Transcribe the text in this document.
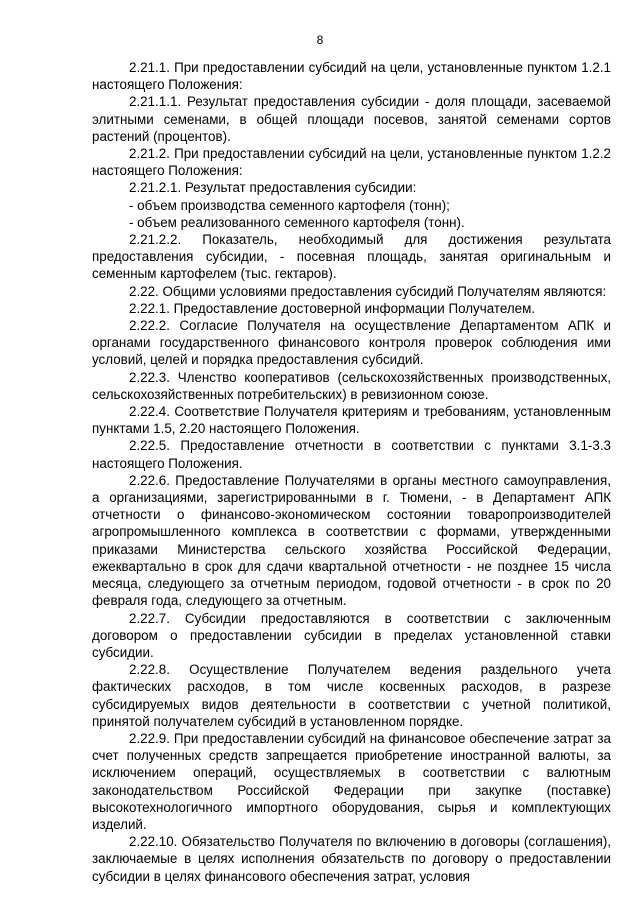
8

2.21.1. При предоставлении субсидий на цели, установленные пунктом 1.2.1 настоящего Положения:

2.21.1.1. Результат предоставления субсидии - доля площади, засеваемой элитными семенами, в общей площади посевов, занятой семенами сортов растений (процентов).

2.21.2. При предоставлении субсидий на цели, установленные пунктом 1.2.2 настоящего Положения:

2.21.2.1. Результат предоставления субсидии:

- объем производства семенного картофеля (тонн);

- объем реализованного семенного картофеля (тонн).

2.21.2.2. Показатель, необходимый для достижения результата предоставления субсидии, - посевная площадь, занятая оригинальным и семенным картофелем (тыс. гектаров).

2.22. Общими условиями предоставления субсидий Получателям являются:

2.22.1. Предоставление достоверной информации Получателем.

2.22.2. Согласие Получателя на осуществление Департаментом АПК и органами государственного финансового контроля проверок соблюдения ими условий, целей и порядка предоставления субсидий.

2.22.3. Членство кооперативов (сельскохозяйственных производственных, сельскохозяйственных потребительских) в ревизионном союзе.

2.22.4. Соответствие Получателя критериям и требованиям, установленным пунктами 1.5, 2.20 настоящего Положения.

2.22.5. Предоставление отчетности в соответствии с пунктами 3.1-3.3 настоящего Положения.

2.22.6. Предоставление Получателями в органы местного самоуправления, а организациями, зарегистрированными в г. Тюмени, - в Департамент АПК отчетности о финансово-экономическом состоянии товаропроизводителей агропромышленного комплекса в соответствии с формами, утвержденными приказами Министерства сельского хозяйства Российской Федерации, ежеквартально в срок для сдачи квартальной отчетности - не позднее 15 числа месяца, следующего за отчетным периодом, годовой отчетности - в срок по 20 февраля года, следующего за отчетным.

2.22.7. Субсидии предоставляются в соответствии с заключенным договором о предоставлении субсидии в пределах установленной ставки субсидии.

2.22.8. Осуществление Получателем ведения раздельного учета фактических расходов, в том числе косвенных расходов, в разрезе субсидируемых видов деятельности в соответствии с учетной политикой, принятой получателем субсидий в установленном порядке.

2.22.9. При предоставлении субсидий на финансовое обеспечение затрат за счет полученных средств запрещается приобретение иностранной валюты, за исключением операций, осуществляемых в соответствии с валютным законодательством Российской Федерации при закупке (поставке) высокотехнологичного импортного оборудования, сырья и комплектующих изделий.

2.22.10. Обязательство Получателя по включению в договоры (соглашения), заключаемые в целях исполнения обязательств по договору о предоставлении субсидии в целях финансового обеспечения затрат, условия
